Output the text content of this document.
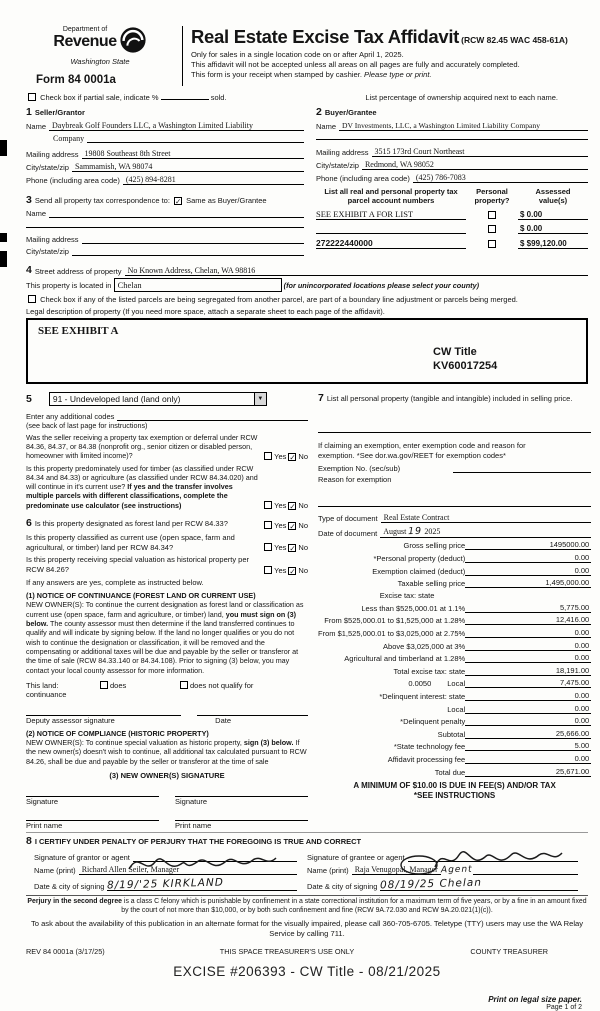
Department of
Revenue
Washington State
Form 84 0001a
Real Estate Excise Tax Affidavit (RCW 82.45 WAC 458-61A)
Only for sales in a single location code on or after April 1, 2025.
This affidavit will not be accepted unless all areas on all pages are fully and accurately completed.
This form is your receipt when stamped by cashier. Please type or print.
Check box if partial sale, indicate %	sold.	List percentage of ownership acquired next to each name.
1 Seller/Grantor
Name Daybreak Golf Founders LLC, a Washington Limited Liability
Company
Mailing address 19808 Southeast 8th Street
City/state/zip Sammamish, WA 98074
Phone (including area code) (425) 894-8281
3 Send all property tax correspondence to: ✓ Same as Buyer/Grantee
Name
Mailing address
City/state/zip
2 Buyer/Grantee
Name DV Investments, LLC, a Washington Limited Liability Company
Mailing address 3515 173rd Court Northeast
City/state/zip Redmond, WA 98052
Phone (including area code) (425) 786-7083
List all real and personal property tax
parcel account numbers
Personal
property?
Assessed
value(s)
SEE EXHIBIT A FOR LIST	$ 0.00
$ 0.00
272222440000	$ $99,120.00
4 Street address of property No Known Address, Chelan, WA 98816
This property is located in Chelan	(for unincorporated locations please select your county)
Check box if any of the listed parcels are being segregated from another parcel, are part of a boundary line adjustment or parcels being merged.
Legal description of property (If you need more space, attach a separate sheet to each page of the affidavit).
SEE EXHIBIT A
CW Title
KV60017254
5	91 - Undeveloped land (land only)	▼
Enter any additional codes
(see back of last page for instructions)
Was the seller receiving a property tax exemption or deferral under RCW 84.36, 84.37, or 84.38 (nonprofit org., senior citizen or disabled person, homeowner with limited income)?	Yes ✓ No
Is this property predominately used for timber (as classified under RCW 84.34 and 84.33) or agriculture (as classified under RCW 84.34.020) and will continue in it's current use? If yes and the transfer involves multiple parcels with different classifications, complete the predominate use calculator (see instructions)	Yes ✓ No
6 Is this property designated as forest land per RCW 84.33?	Yes ✓ No
Is this property classified as current use (open space, farm and agricultural, or timber) land per RCW 84.34?	Yes ✓ No
Is this property receiving special valuation as historical property per RCW 84.26?	Yes ✓ No
If any answers are yes, complete as instructed below.
(1) NOTICE OF CONTINUANCE (FOREST LAND OR CURRENT USE)
NEW OWNER(S): To continue the current designation as forest land or classification as current use (open space, farm and agriculture, or timber) land, you must sign on (3) below. The county assessor must then determine if the land transferred continues to qualify and will indicate by signing below. If the land no longer qualifies or you do not wish to continue the designation or classification, it will be removed and the compensating or additional taxes will be due and payable by the seller or transferor at the time of sale (RCW 84.33.140 or 84.34.108). Prior to signing (3) below, you may contact your local county assessor for more information.
This land:
continuance
does	does not qualify for
Deputy assessor signature	Date
(2) NOTICE OF COMPLIANCE (HISTORIC PROPERTY)
NEW OWNER(S): To continue special valuation as historic property, sign (3) below. If the new owner(s) doesn't wish to continue, all additional tax calculated pursuant to RCW 84.26, shall be due and payable by the seller or transferor at the time of sale
(3) NEW OWNER(S) SIGNATURE
Signature	Signature
Print name	Print name
7 List all personal property (tangible and intangible) included in selling price.
If claiming an exemption, enter exemption code and reason for
exemption. *See dor.wa.gov/REET for exemption codes*
Exemption No. (sec/sub)
Reason for exemption
Type of document Real Estate Contract
Date of document August 19 2025
Gross selling price	1495000.00
*Personal property (deduct)	0.00
Exemption claimed (deduct)	0.00
Taxable selling price	1,495,000.00
Excise tax: state
Less than $525,000.01 at 1.1%	5,775.00
From $525,000.01 to $1,525,000 at 1.28%	12,416.00
From $1,525,000.01 to $3,025,000 at 2.75%	0.00
Above $3,025,000 at 3%	0.00
Agricultural and timberland at 1.28%	0.00
Total excise tax: state	18,191.00
0.0050	Local	7,475.00
*Delinquent interest: state	0.00
Local	0.00
*Delinquent penalty	0.00
Subtotal	25,666.00
*State technology fee	5.00
Affidavit processing fee	0.00
Total due	25,671.00
A MINIMUM OF $10.00 IS DUE IN FEE(S) AND/OR TAX
*SEE INSTRUCTIONS
8 I CERTIFY UNDER PENALTY OF PERJURY THAT THE FOREGOING IS TRUE AND CORRECT
Signature of grantor or agent
Name (print) Richard Allen Seiler, Manager
Date & city of signing 8/19/'25 KIRKLAND
Signature of grantee or agent
Name (print) Raja Venugopal, Manager Agent
Date & city of signing 08/19/25 Chelan
Perjury in the second degree is a class C felony which is punishable by confinement in a state correctional institution for a maximum term of five years, or by a fine in an amount fixed by the court of not more than $10,000, or by both such confinement and fine (RCW 9A.72.030 and RCW 9A.20.021(1)(c)).
To ask about the availability of this publication in an alternate format for the visually impaired, please call 360-705-6705. Teletype (TTY) users may use the WA Relay Service by calling 711.
REV 84 0001a (3/17/25)	THIS SPACE TREASURER'S USE ONLY	COUNTY TREASURER
EXCISE #206393 - CW Title - 08/21/2025
Print on legal size paper.
Page 1 of 2
